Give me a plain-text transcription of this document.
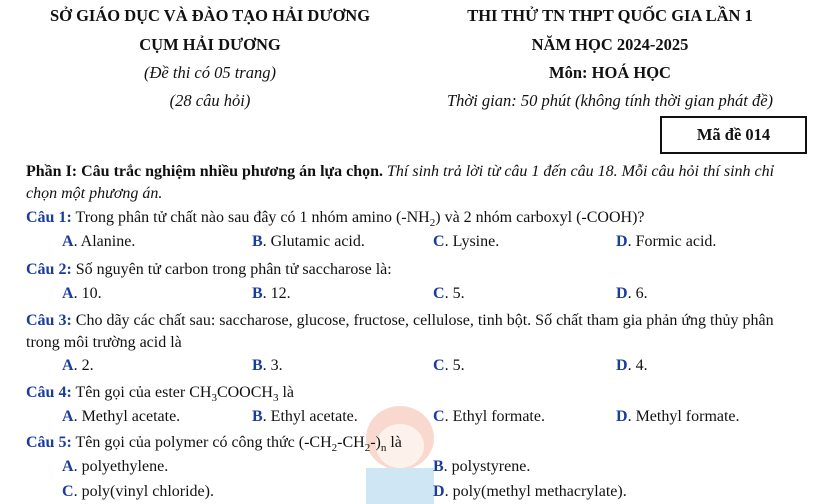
SỞ GIÁO DỤC VÀ ĐÀO TẠO HẢI DƯƠNG
CỤM HẢI DƯƠNG
(Đề thi có 05 trang)
(28 câu hỏi)
THI THỬ TN THPT QUỐC GIA LẦN 1
NĂM HỌC 2024-2025
Môn: HOÁ HỌC
Thời gian: 50 phút (không tính thời gian phát đề)
Mã đề 014
Phần I: Câu trắc nghiệm nhiều phương án lựa chọn. Thí sinh trả lời từ câu 1 đến câu 18. Mỗi câu hỏi thí sinh chỉ chọn một phương án.
Câu 1: Trong phân tử chất nào sau đây có 1 nhóm amino $(-NH_2)$ và 2 nhóm carboxyl (-COOH)?
A. Alanine.	B. Glutamic acid.	C. Lysine.	D. Formic acid.
Câu 2: Số nguyên tử carbon trong phân tử saccharose là:
A. 10.	B. 12.	C. 5.	D. 6.
Câu 3: Cho dãy các chất sau: saccharose, glucose, fructose, cellulose, tinh bột. Số chất tham gia phản ứng thủy phân trong môi trường acid là
A. 2.	B. 3.	C. 5.	D. 4.
Câu 4: Tên gọi của ester $CH_3COOCH_3$ là
A. Methyl acetate.	B. Ethyl acetate.	C. Ethyl formate.	D. Methyl formate.
Câu 5: Tên gọi của polymer có công thức $(-CH_2-CH_2-)_n$ là
A. polyethylene.	B. polystyrene.
C. poly(vinyl chloride).	D. poly(methyl methacrylate).
